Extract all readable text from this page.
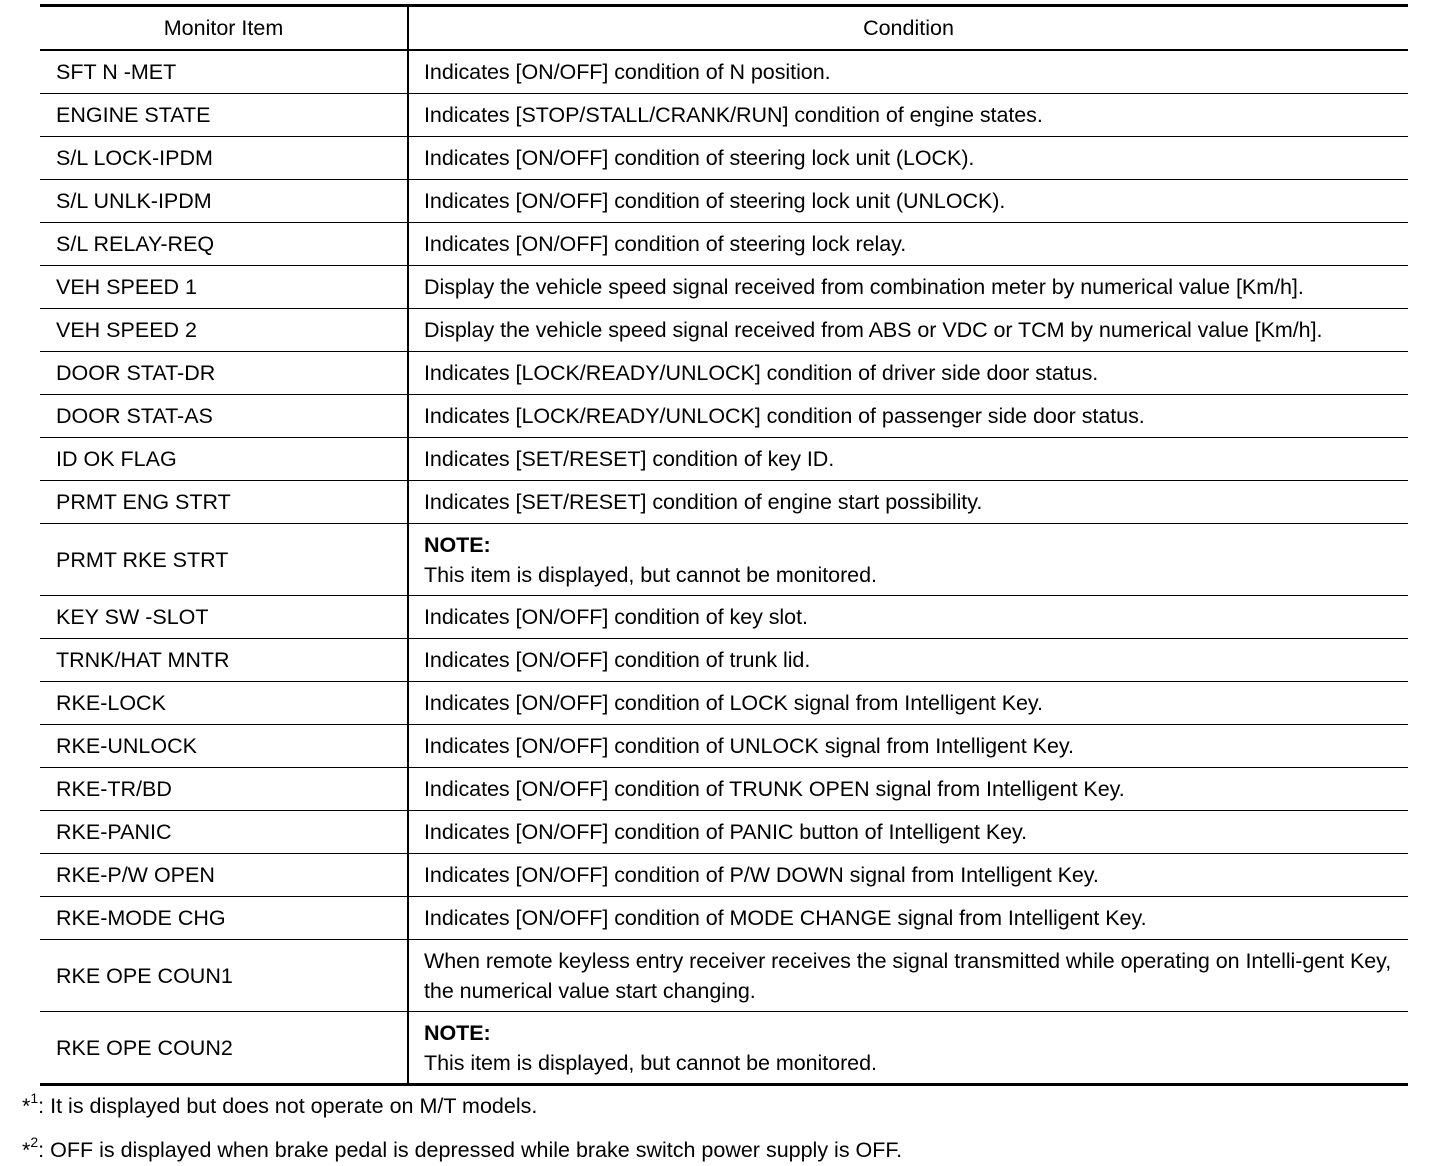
Monitor Item	Condition
SFT N -MET	Indicates [ON/OFF] condition of N position.
ENGINE STATE	Indicates [STOP/STALL/CRANK/RUN] condition of engine states.
S/L LOCK-IPDM	Indicates [ON/OFF] condition of steering lock unit (LOCK).
S/L UNLK-IPDM	Indicates [ON/OFF] condition of steering lock unit (UNLOCK).
S/L RELAY-REQ	Indicates [ON/OFF] condition of steering lock relay.
VEH SPEED 1	Display the vehicle speed signal received from combination meter by numerical value [Km/h].
VEH SPEED 2	Display the vehicle speed signal received from ABS or VDC or TCM by numerical value [Km/h].
DOOR STAT-DR	Indicates [LOCK/READY/UNLOCK] condition of driver side door status.
DOOR STAT-AS	Indicates [LOCK/READY/UNLOCK] condition of passenger side door status.
ID OK FLAG	Indicates [SET/RESET] condition of key ID.
PRMT ENG STRT	Indicates [SET/RESET] condition of engine start possibility.
PRMT RKE STRT	NOTE:
This item is displayed, but cannot be monitored.

KEY SW -SLOT	Indicates [ON/OFF] condition of key slot.
TRNK/HAT MNTR	Indicates [ON/OFF] condition of trunk lid.
RKE-LOCK	Indicates [ON/OFF] condition of LOCK signal from Intelligent Key.
RKE-UNLOCK	Indicates [ON/OFF] condition of UNLOCK signal from Intelligent Key.
RKE-TR/BD	Indicates [ON/OFF] condition of TRUNK OPEN signal from Intelligent Key.
RKE-PANIC	Indicates [ON/OFF] condition of PANIC button of Intelligent Key.
RKE-P/W OPEN	Indicates [ON/OFF] condition of P/W DOWN signal from Intelligent Key.
RKE-MODE CHG	Indicates [ON/OFF] condition of MODE CHANGE signal from Intelligent Key.
RKE OPE COUN1	When remote keyless entry receiver receives the signal transmitted while operating on Intelli-gent Key, the numerical value start changing.
RKE OPE COUN2	NOTE:
This item is displayed, but cannot be monitored.
*$^1$: It is displayed but does not operate on M/T models.
*$^2$: OFF is displayed when brake pedal is depressed while brake switch power supply is OFF.
